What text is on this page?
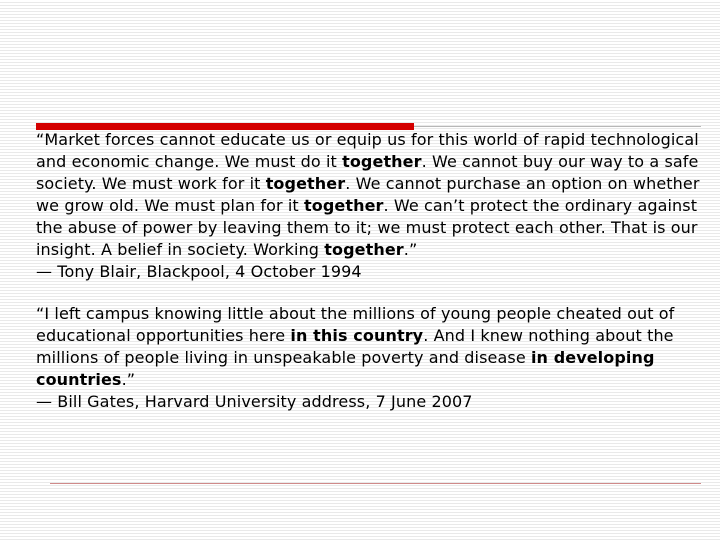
“Market forces cannot educate us or equip us for this world of rapid technological and economic change. We must do it together. We cannot buy our way to a safe society. We must work for it together. We cannot purchase an option on whether we grow old. We must plan for it together. We can’t protect the ordinary against the abuse of power by leaving them to it; we must protect each other. That is our insight. A belief in society. Working together.”
— Tony Blair, Blackpool, 4 October 1994
“I left campus knowing little about the millions of young people cheated out of educational opportunities here in this country. And I knew nothing about the millions of people living in unspeakable poverty and disease in developing countries.”
— Bill Gates, Harvard University address, 7 June 2007
